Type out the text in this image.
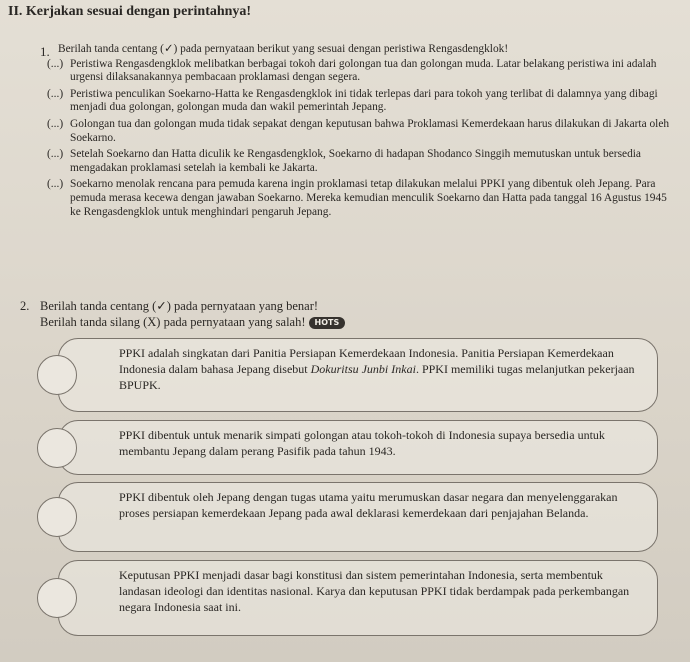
II. Kerjakan sesuai dengan perintahnya!
1. Berilah tanda centang (✓) pada pernyataan berikut yang sesuai dengan peristiwa Rengasdengklok!
(...) Peristiwa Rengasdengklok melibatkan berbagai tokoh dari golongan tua dan golongan muda. Latar belakang peristiwa ini adalah urgensi dilaksanakannya pembacaan proklamasi dengan segera.
(...) Peristiwa penculikan Soekarno-Hatta ke Rengasdengklok ini tidak terlepas dari para tokoh yang terlibat di dalamnya yang dibagi menjadi dua golongan, golongan muda dan wakil pemerintah Jepang.
(...) Golongan tua dan golongan muda tidak sepakat dengan keputusan bahwa Proklamasi Kemerdekaan harus dilakukan di Jakarta oleh Soekarno.
(...) Setelah Soekarno dan Hatta diculik ke Rengasdengklok, Soekarno di hadapan Shodanco Singgih memutuskan untuk bersedia mengadakan proklamasi setelah ia kembali ke Jakarta.
(...) Soekarno menolak rencana para pemuda karena ingin proklamasi tetap dilakukan melalui PPKI yang dibentuk oleh Jepang. Para pemuda merasa kecewa dengan jawaban Soekarno. Mereka kemudian menculik Soekarno dan Hatta pada tanggal 16 Agustus 1945 ke Rengasdengklok untuk menghindari pengaruh Jepang.
2. Berilah tanda centang (✓) pada pernyataan yang benar!
Berilah tanda silang (X) pada pernyataan yang salah! HOTS
PPKI adalah singkatan dari Panitia Persiapan Kemerdekaan Indonesia. Panitia Persiapan Kemerdekaan Indonesia dalam bahasa Jepang disebut Dokuritsu Junbi Inkai. PPKI memiliki tugas melanjutkan pekerjaan BPUPK.
PPKI dibentuk untuk menarik simpati golongan atau tokoh-tokoh di Indonesia supaya bersedia untuk membantu Jepang dalam perang Pasifik pada tahun 1943.
PPKI dibentuk oleh Jepang dengan tugas utama yaitu merumuskan dasar negara dan menyelenggarakan proses persiapan kemerdekaan Jepang pada awal deklarasi kemerdekaan dari penjajahan Belanda.
Keputusan PPKI menjadi dasar bagi konstitusi dan sistem pemerintahan Indonesia, serta membentuk landasan ideologi dan identitas nasional. Karya dan keputusan PPKI tidak berdampak pada perkembangan negara Indonesia saat ini.
